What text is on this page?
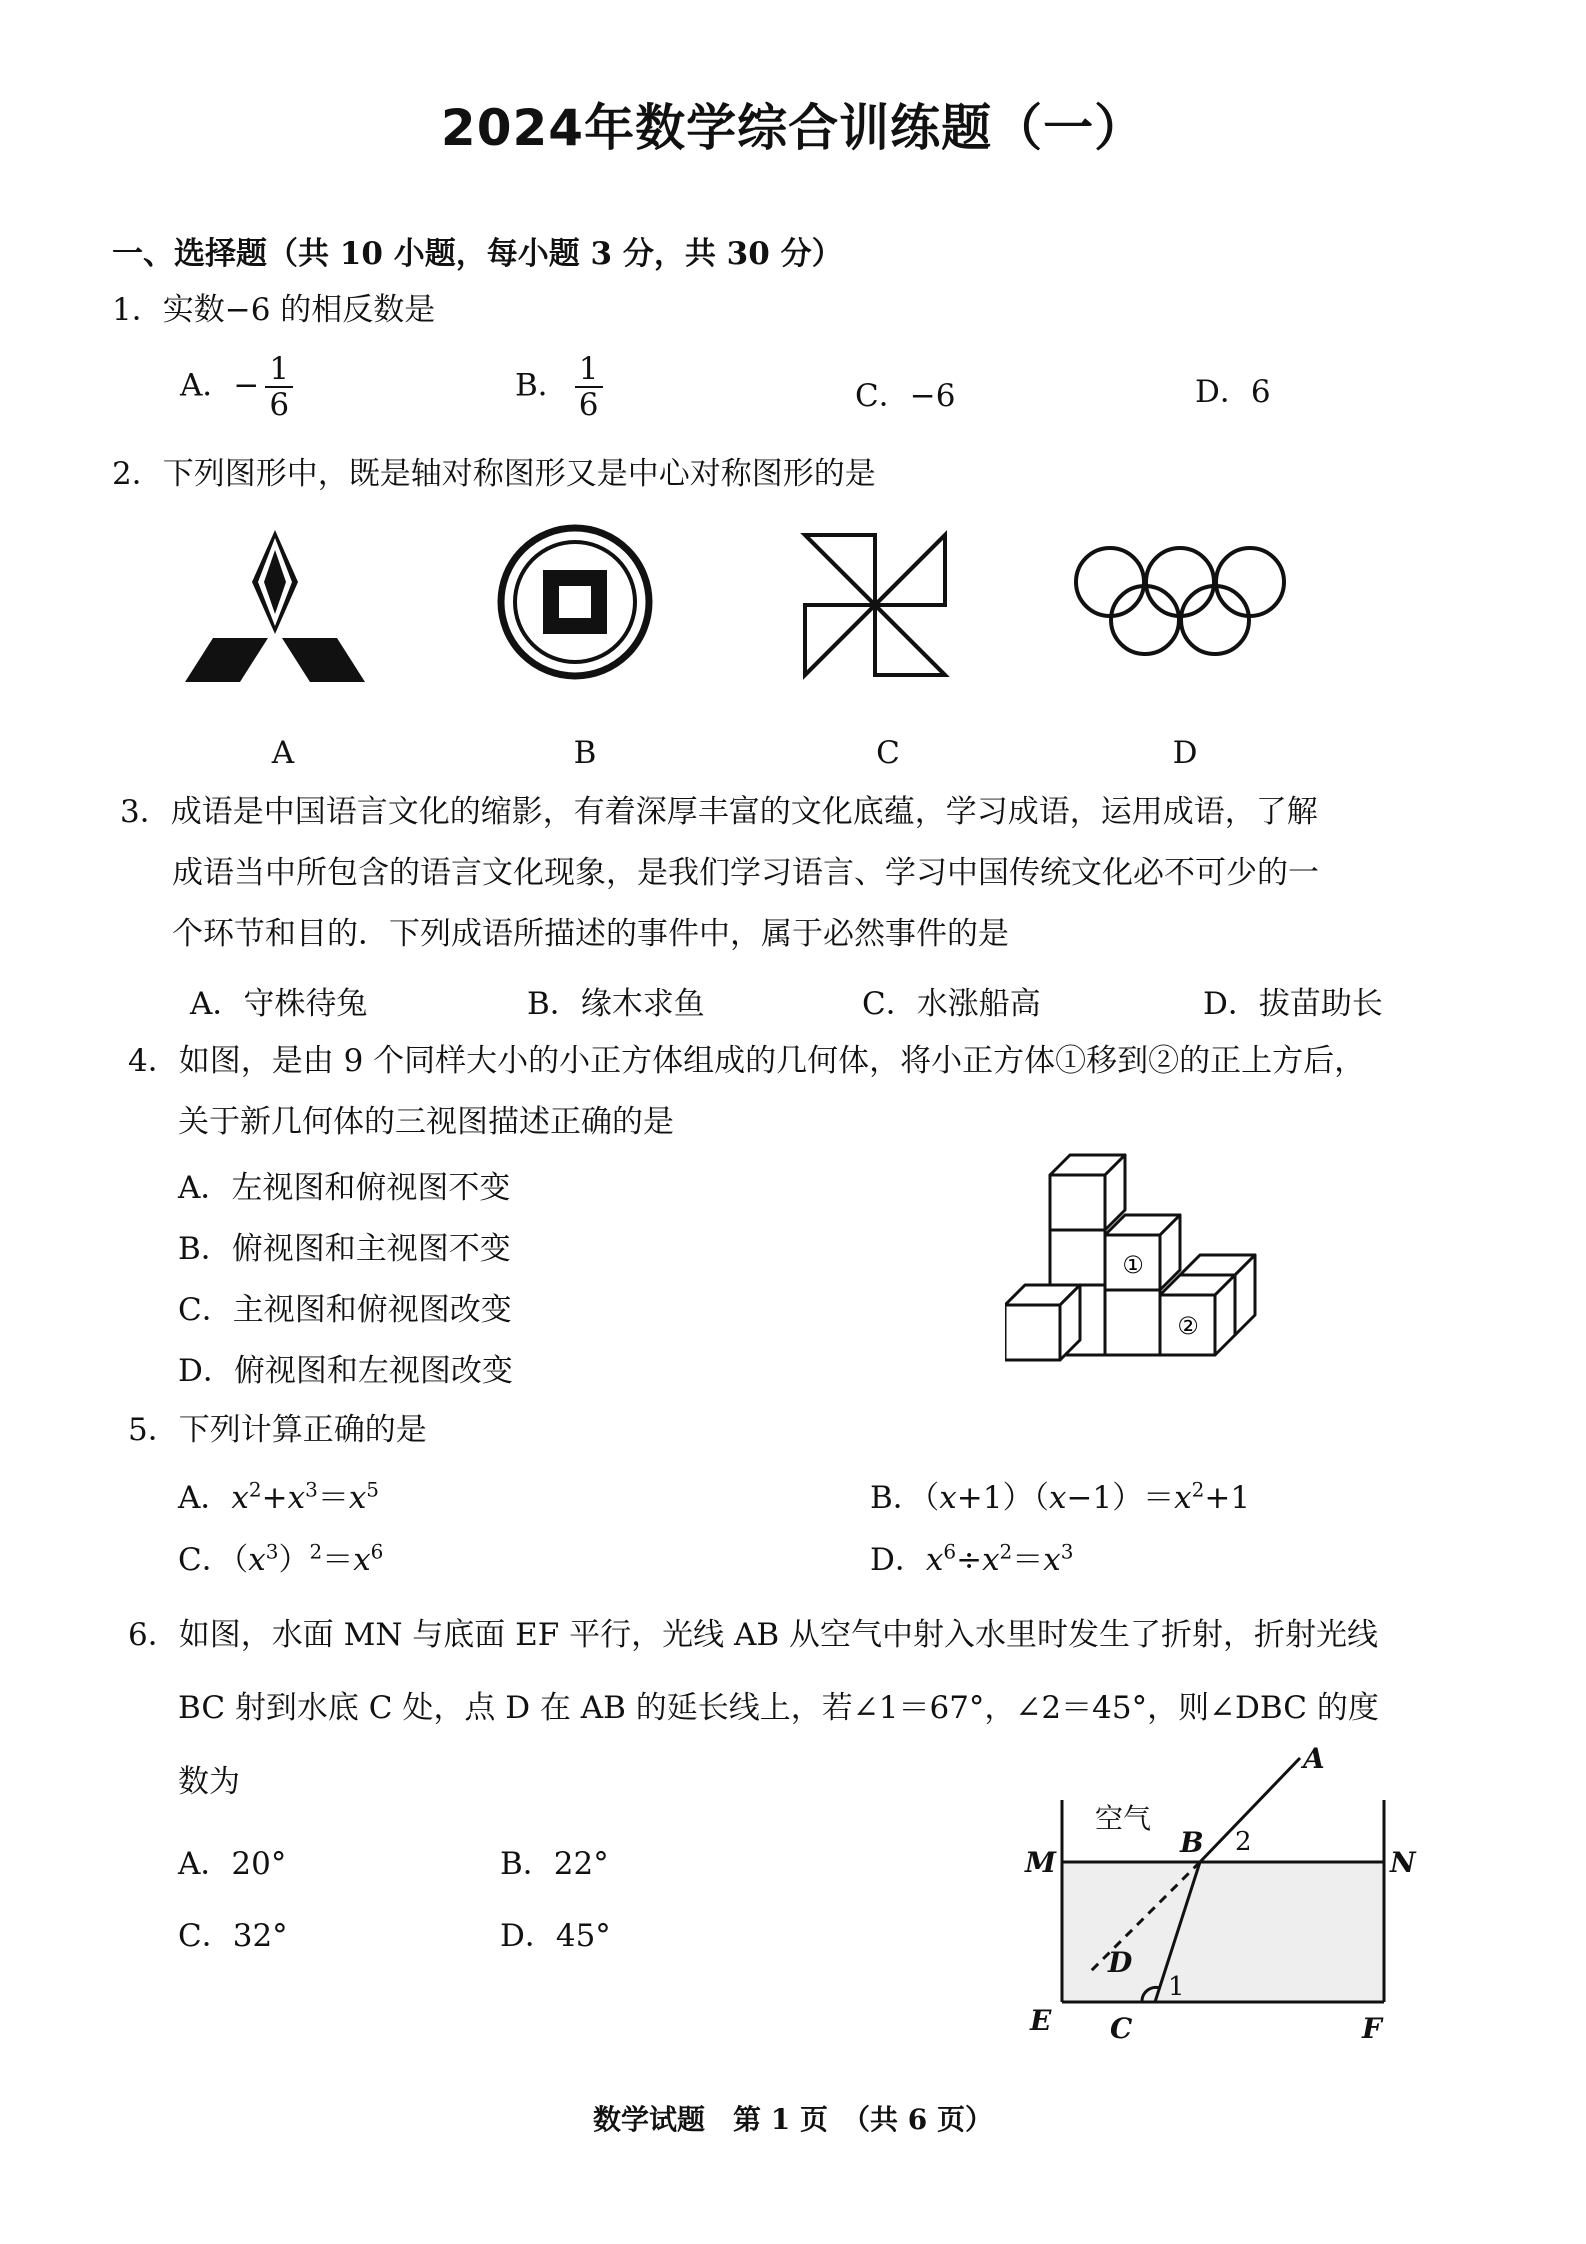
2024年数学综合训练题（一）
一、选择题（共 10 小题，每小题 3 分，共 30 分）
1．实数−6 的相反数是
A．− $\frac{1}{6}$	B． $\frac{1}{6}$	C．−6	D．6
2．下列图形中，既是轴对称图形又是中心对称图形的是
A	B	C	D
3．成语是中国语言文化的缩影，有着深厚丰富的文化底蕴，学习成语，运用成语，了解
成语当中所包含的语言文化现象，是我们学习语言、学习中国传统文化必不可少的一
个环节和目的．下列成语所描述的事件中，属于必然事件的是
A．守株待兔	B．缘木求鱼	C．水涨船高	D．拔苗助长
4．如图，是由 9 个同样大小的小正方体组成的几何体，将小正方体①移到②的正上方后，
关于新几何体的三视图描述正确的是
A．左视图和俯视图不变
B．俯视图和主视图不变
C．主视图和俯视图改变
D．俯视图和左视图改变
①
②
5．下列计算正确的是
A．$x^2+x^3=x^5$	B．$(x+1)(x-1)=x^2+1$
C．$(x^3)^2=x^6$	D．$x^6\div x^2=x^3$
6．如图，水面 MN 与底面 EF 平行，光线 AB 从空气中射入水里时发生了折射，折射光线
BC 射到水底 C 处，点 D 在 AB 的延长线上，若∠1＝67°，∠2＝45°，则∠DBC 的度
数为
A．20°	B．22°
C．32°	D．45°
A
B
D
M	N
E C	F
空气
2
1
数学试题　第 1 页　（共 6 页）
